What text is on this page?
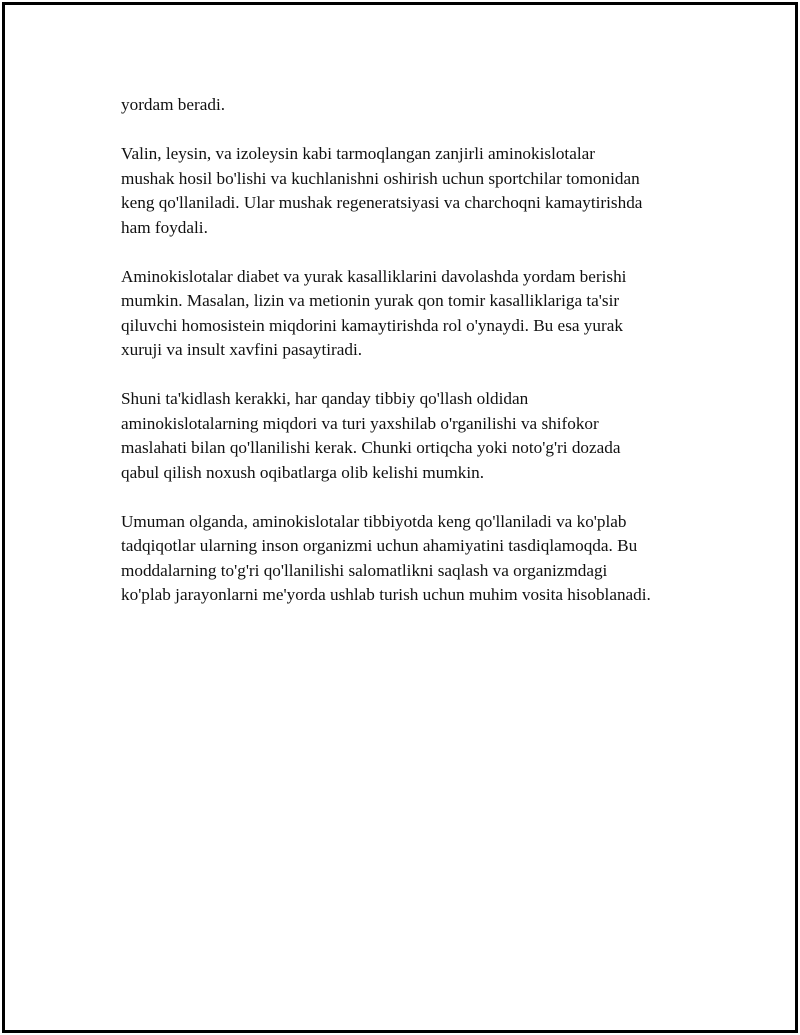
yordam beradi.

Valin, leysin, va izoleysin kabi tarmoqlangan zanjirli aminokislotalar
mushak hosil bo'lishi va kuchlanishni oshirish uchun sportchilar tomonidan
keng qo'llaniladi. Ular mushak regeneratsiyasi va charchoqni kamaytirishda
ham foydali.

Aminokislotalar diabet va yurak kasalliklarini davolashda yordam berishi
mumkin. Masalan, lizin va metionin yurak qon tomir kasalliklariga ta'sir
qiluvchi homosistein miqdorini kamaytirishda rol o'ynaydi. Bu esa yurak
xuruji va insult xavfini pasaytiradi.

Shuni ta'kidlash kerakki, har qanday tibbiy qo'llash oldidan
aminokislotalarning miqdori va turi yaxshilab o'rganilishi va shifokor
maslahati bilan qo'llanilishi kerak. Chunki ortiqcha yoki noto'g'ri dozada
qabul qilish noxush oqibatlarga olib kelishi mumkin.

Umuman olganda, aminokislotalar tibbiyotda keng qo'llaniladi va ko'plab
tadqiqotlar ularning inson organizmi uchun ahamiyatini tasdiqlamoqda. Bu
moddalarning to'g'ri qo'llanilishi salomatlikni saqlash va organizmdagi
ko'plab jarayonlarni me'yorda ushlab turish uchun muhim vosita hisoblanadi.
